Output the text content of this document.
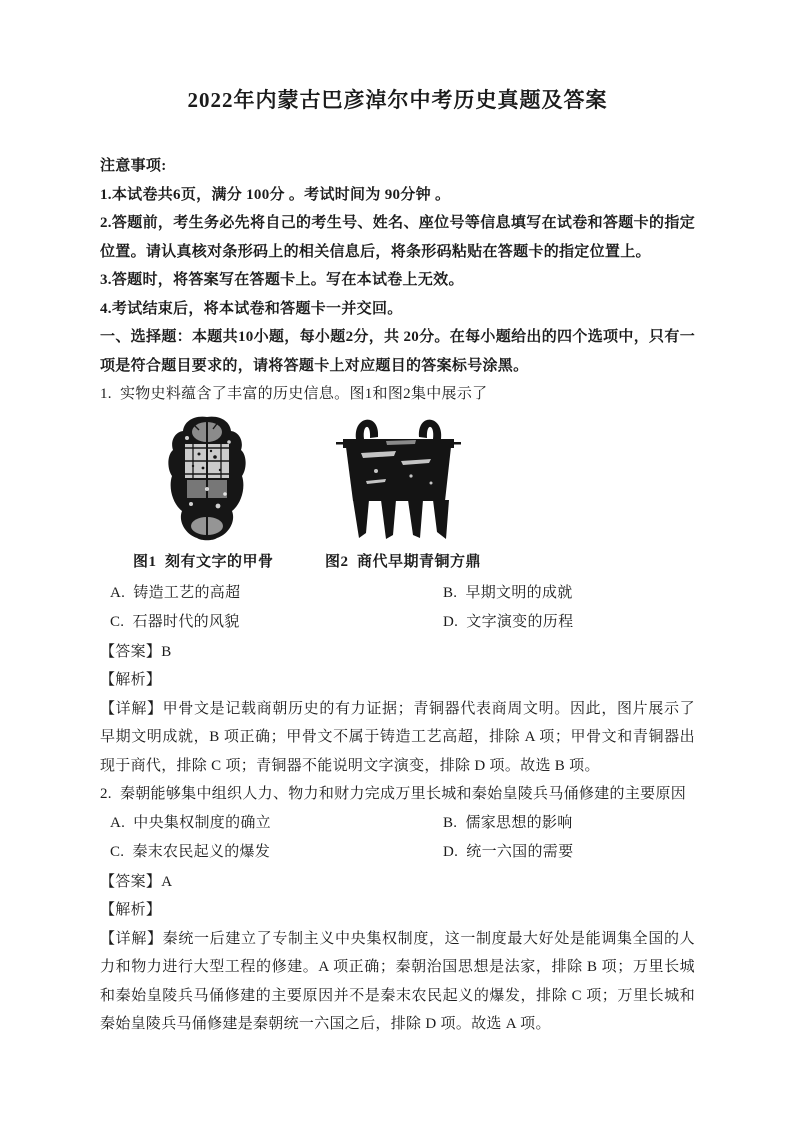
2022年内蒙古巴彦淖尔中考历史真题及答案

注意事项:

1.本试卷共6页，满分 100分 。考试时间为 90分钟 。

2.答题前，考生务必先将自己的考生号、姓名、座位号等信息填写在试卷和答题卡的指定位置。请认真核对条形码上的相关信息后，将条形码粘贴在答题卡的指定位置上。

3.答题时，将答案写在答题卡上。写在本试卷上无效。

4.考试结束后，将本试卷和答题卡一并交回。

一、选择题：本题共10小题，每小题2分，共 20分。在每小题给出的四个选项中，只有一项是符合题目要求的，请将答题卡上对应题目的答案标号涂黑。

1.  实物史料蕴含了丰富的历史信息。图1和图2集中展示了

图1  刻有文字的甲骨	图2  商代早期青铜方鼎
A.  铸造工艺的高超	B.  早期文明的成就
C.  石器时代的风貌	D.  文字演变的历程

【答案】B

【解析】

【详解】甲骨文是记载商朝历史的有力证据；青铜器代表商周文明。因此，图片展示了早期文明成就，B 项正确；甲骨文不属于铸造工艺高超，排除 A 项；甲骨文和青铜器出现于商代，排除 C 项；青铜器不能说明文字演变，排除 D 项。故选 B 项。

2.  秦朝能够集中组织人力、物力和财力完成万里长城和秦始皇陵兵马俑修建的主要原因

A.  中央集权制度的确立	B.  儒家思想的影响
C.  秦末农民起义的爆发	D.  统一六国的需要

【答案】A

【解析】

【详解】秦统一后建立了专制主义中央集权制度，这一制度最大好处是能调集全国的人力和物力进行大型工程的修建。A 项正确；秦朝治国思想是法家，排除 B 项；万里长城和秦始皇陵兵马俑修建的主要原因并不是秦末农民起义的爆发，排除 C 项；万里长城和秦始皇陵兵马俑修建是秦朝统一六国之后，排除 D 项。故选 A 项。
